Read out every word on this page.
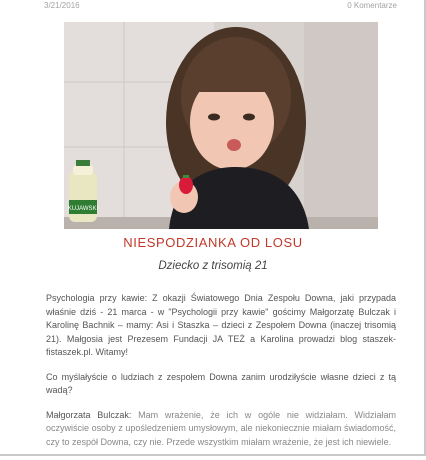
3/21/2016	0 Komentarze
KUJAWSKI
NIESPODZIANKA OD LOSU
Dziecko z trisomią 21

Psychologia przy kawie: Z okazji Światowego Dnia Zespołu Downa, jaki przypada właśnie dziś - 21 marca - w "Psychologii przy kawie" gościmy Małgorzatę Bulczak i Karolinę Bachnik – mamy: Asi i Staszka – dzieci z Zespołem Downa (inaczej trisomią 21). Małgosia jest Prezesem Fundacji JA TEŻ a Karolina prowadzi blog staszek-fistaszek.pl. Witamy!

Co myślałyście o ludziach z zespołem Downa zanim urodziłyście własne dzieci z tą wadą?

Małgorzata Bulczak: Mam wrażenie, że ich w ogóle nie widziałam. Widziałam oczywiście osoby z upośledzeniem umysłowym, ale niekoniecznie miałam świadomość, czy to zespół Downa, czy nie. Przede wszystkim miałam wrażenie, że jest ich niewiele.
